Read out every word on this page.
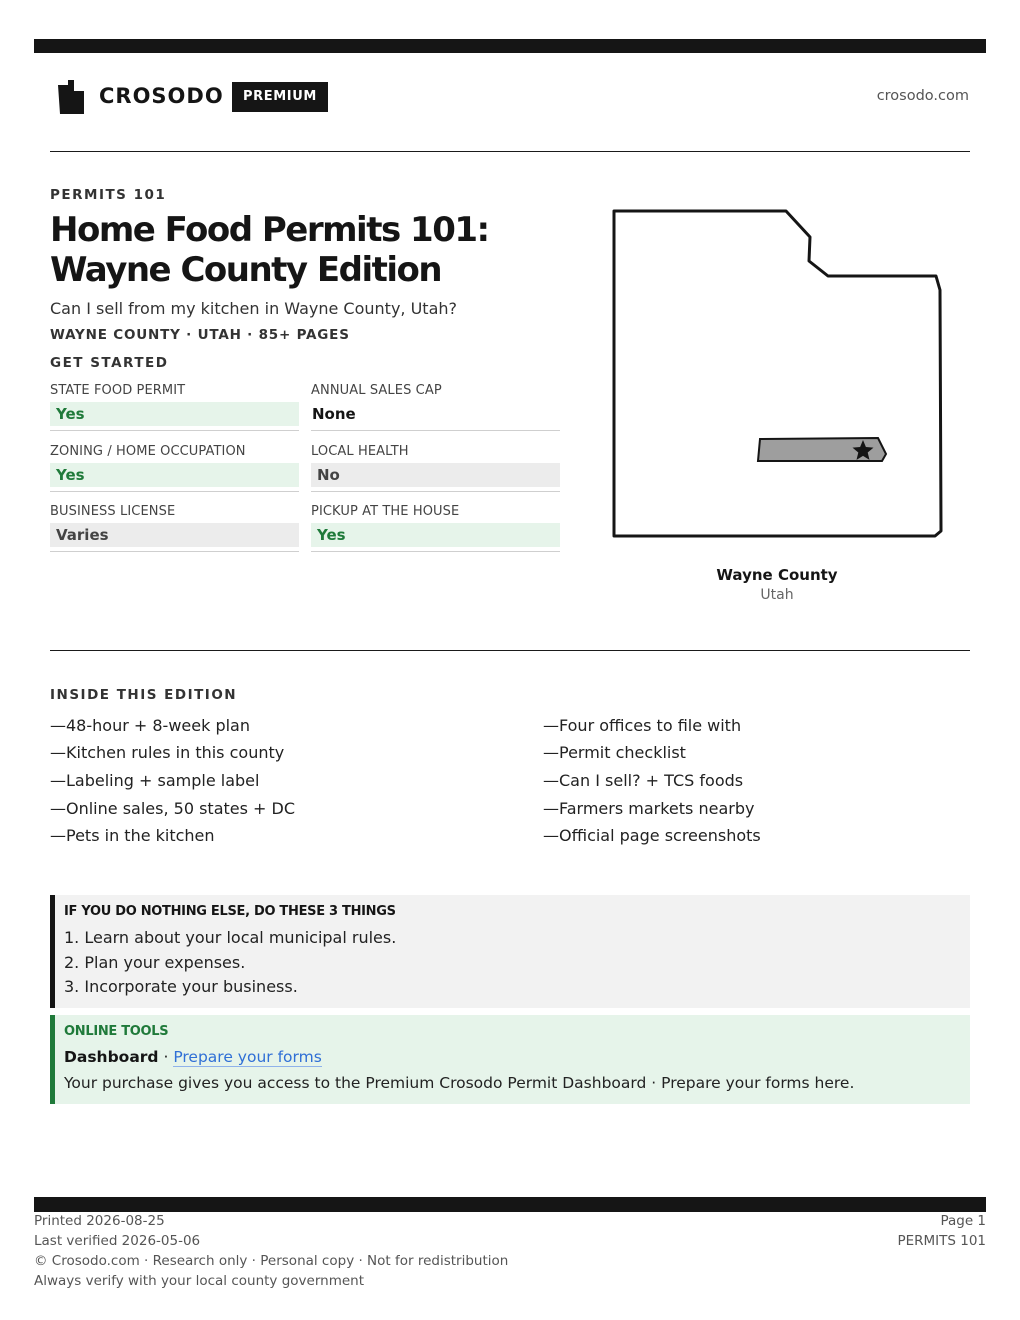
CROSODO	PREMIUM	crosodo.com
PERMITS 101
Home Food Permits 101: Wayne County Edition
Can I sell from my kitchen in Wayne County, Utah?
WAYNE COUNTY · UTAH · 85+ PAGES
GET STARTED
STATE FOOD PERMIT
Yes
ANNUAL SALES CAP
None
ZONING / HOME OCCUPATION
Yes
LOCAL HEALTH
No
BUSINESS LICENSE
Varies
PICKUP AT THE HOUSE
Yes
Wayne County
Utah
INSIDE THIS EDITION
—48-hour + 8-week plan
—Kitchen rules in this county
—Labeling + sample label
—Online sales, 50 states + DC
—Pets in the kitchen
—Four offices to file with
—Permit checklist
—Can I sell? + TCS foods
—Farmers markets nearby
—Official page screenshots
IF YOU DO NOTHING ELSE, DO THESE 3 THINGS
1. Learn about your local municipal rules.
2. Plan your expenses.
3. Incorporate your business.
ONLINE TOOLS
Dashboard · Prepare your forms
Your purchase gives you access to the Premium Crosodo Permit Dashboard · Prepare your forms here.
Printed 2026-08-25
Last verified 2026-05-06
© Crosodo.com · Research only · Personal copy · Not for redistribution
Always verify with your local county government
Page 1
PERMITS 101
